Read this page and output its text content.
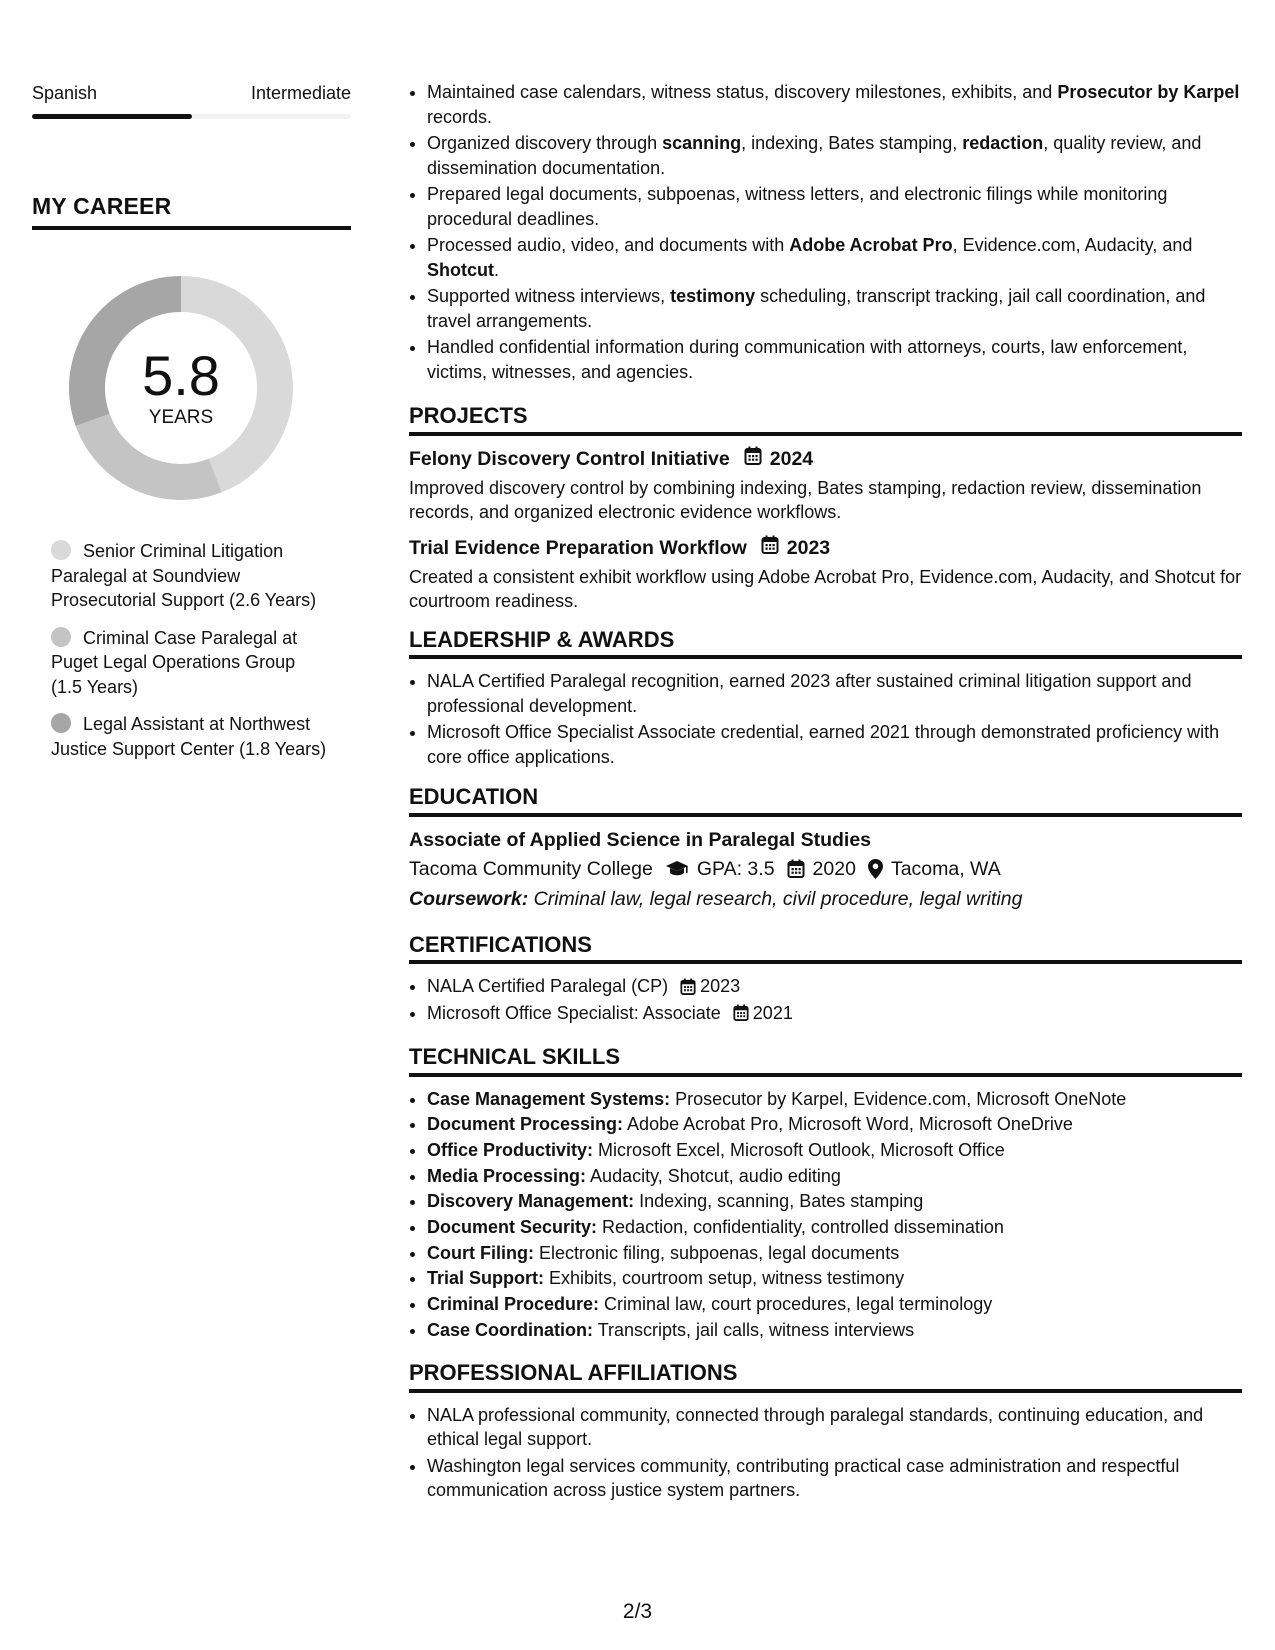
Spanish	Intermediate
MY CAREER
5.8
YEARS
Senior Criminal Litigation Paralegal at Soundview Prosecutorial Support (2.6 Years)
Criminal Case Paralegal at Puget Legal Operations Group (1.5 Years)
Legal Assistant at Northwest Justice Support Center (1.8 Years)
• Maintained case calendars, witness status, discovery milestones, exhibits, and Prosecutor by Karpel records.
• Organized discovery through scanning, indexing, Bates stamping, redaction, quality review, and dissemination documentation.
• Prepared legal documents, subpoenas, witness letters, and electronic filings while monitoring procedural deadlines.
• Processed audio, video, and documents with Adobe Acrobat Pro, Evidence.com, Audacity, and Shotcut.
• Supported witness interviews, testimony scheduling, transcript tracking, jail call coordination, and travel arrangements.
• Handled confidential information during communication with attorneys, courts, law enforcement, victims, witnesses, and agencies.
PROJECTS
Felony Discovery Control Initiative 2024
Improved discovery control by combining indexing, Bates stamping, redaction review, dissemination records, and organized electronic evidence workflows.
Trial Evidence Preparation Workflow 2023
Created a consistent exhibit workflow using Adobe Acrobat Pro, Evidence.com, Audacity, and Shotcut for courtroom readiness.
LEADERSHIP & AWARDS
• NALA Certified Paralegal recognition, earned 2023 after sustained criminal litigation support and professional development.
• Microsoft Office Specialist Associate credential, earned 2021 through demonstrated proficiency with core office applications.
EDUCATION
Associate of Applied Science in Paralegal Studies
Tacoma Community College GPA: 3.5 2020 Tacoma, WA
Coursework: Criminal law, legal research, civil procedure, legal writing
CERTIFICATIONS
• NALA Certified Paralegal (CP) 2023
• Microsoft Office Specialist: Associate 2021
TECHNICAL SKILLS
• Case Management Systems: Prosecutor by Karpel, Evidence.com, Microsoft OneNote
• Document Processing: Adobe Acrobat Pro, Microsoft Word, Microsoft OneDrive
• Office Productivity: Microsoft Excel, Microsoft Outlook, Microsoft Office
• Media Processing: Audacity, Shotcut, audio editing
• Discovery Management: Indexing, scanning, Bates stamping
• Document Security: Redaction, confidentiality, controlled dissemination
• Court Filing: Electronic filing, subpoenas, legal documents
• Trial Support: Exhibits, courtroom setup, witness testimony
• Criminal Procedure: Criminal law, court procedures, legal terminology
• Case Coordination: Transcripts, jail calls, witness interviews
PROFESSIONAL AFFILIATIONS
• NALA professional community, connected through paralegal standards, continuing education, and ethical legal support.
• Washington legal services community, contributing practical case administration and respectful communication across justice system partners.
2/3
